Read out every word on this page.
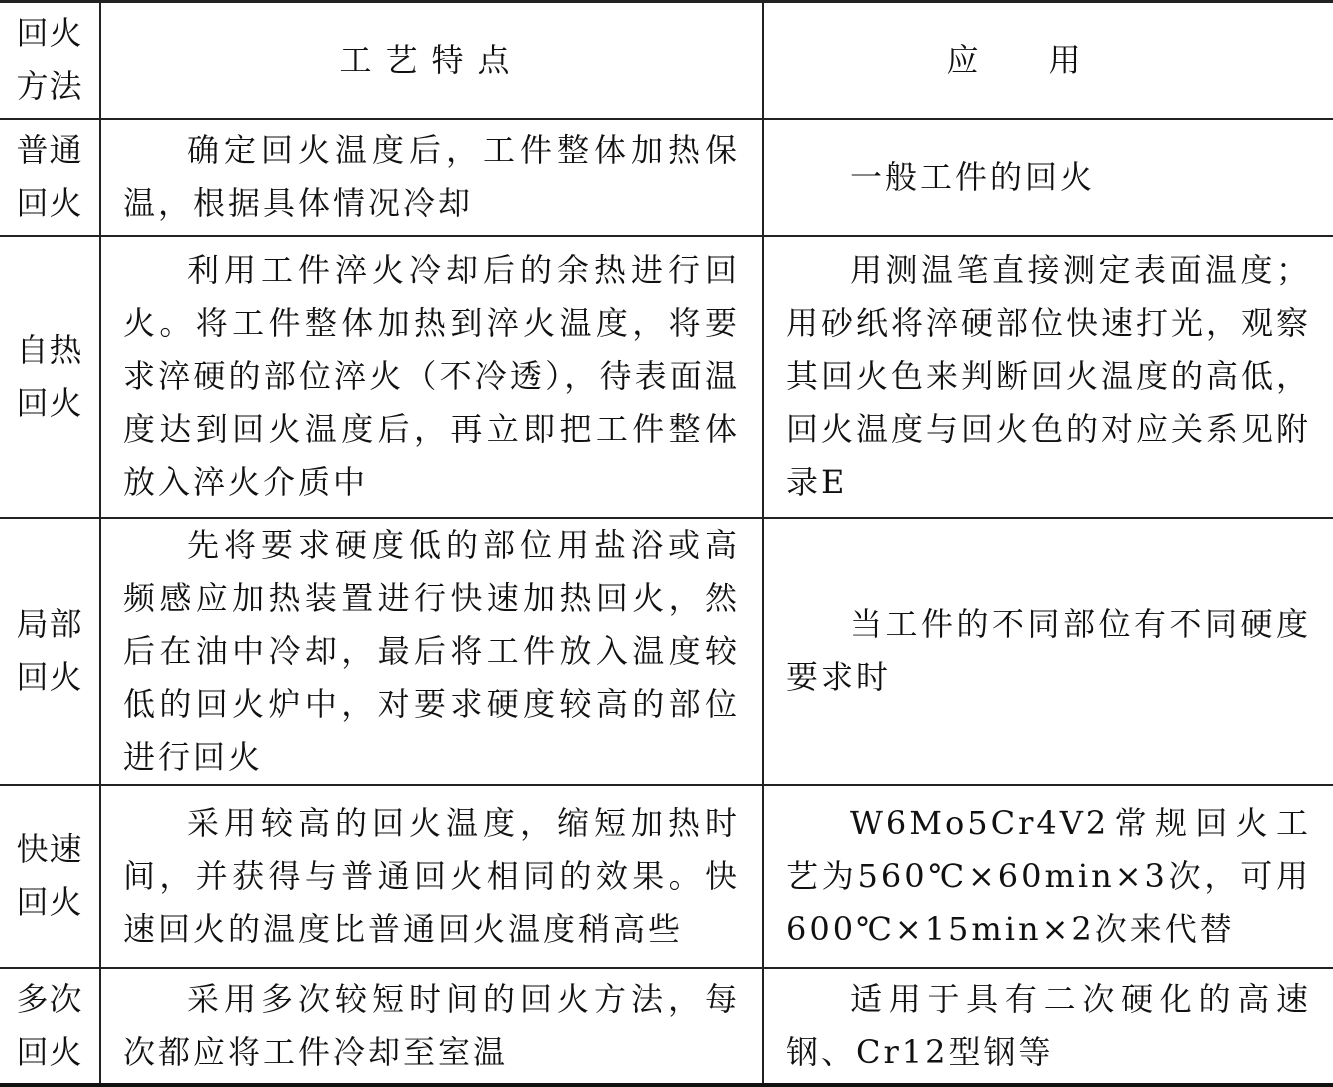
回火方法	工艺特点	应用
普通回火	确定回火温度后，工件整体加热保温，根据具体情况冷却	一般工件的回火
自热回火	利用工件淬火冷却后的余热进行回火。将工件整体加热到淬火温度，将要求淬硬的部位淬火（不冷透），待表面温度达到回火温度后，再立即把工件整体放入淬火介质中	用测温笔直接测定表面温度；用砂纸将淬硬部位快速打光，观察其回火色来判断回火温度的高低，回火温度与回火色的对应关系见附录E
局部回火	先将要求硬度低的部位用盐浴或高频感应加热装置进行快速加热回火，然后在油中冷却，最后将工件放入温度较低的回火炉中，对要求硬度较高的部位进行回火	当工件的不同部位有不同硬度要求时
快速回火	采用较高的回火温度，缩短加热时间，并获得与普通回火相同的效果。快速回火的温度比普通回火温度稍高些	W6Mo5Cr4V2常规回火工艺为560℃×60min×3次，可用600℃×15min×2次来代替
多次回火	采用多次较短时间的回火方法，每次都应将工件冷却至室温	适用于具有二次硬化的高速钢、Cr12型钢等
